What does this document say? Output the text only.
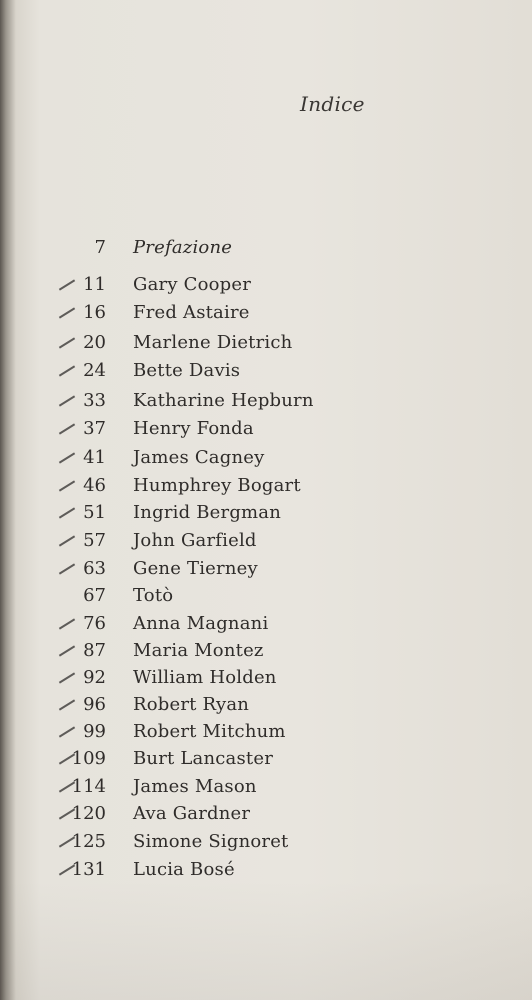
Indice
7 Prefazione
11 Gary Cooper
16 Fred Astaire
20 Marlene Dietrich
24 Bette Davis
33 Katharine Hepburn
37 Henry Fonda
41 James Cagney
46 Humphrey Bogart
51 Ingrid Bergman
57 John Garfield
63 Gene Tierney
67 Totò
76 Anna Magnani
87 Maria Montez
92 William Holden
96 Robert Ryan
99 Robert Mitchum
109 Burt Lancaster
114 James Mason
120 Ava Gardner
125 Simone Signoret
131 Lucia Bosé
